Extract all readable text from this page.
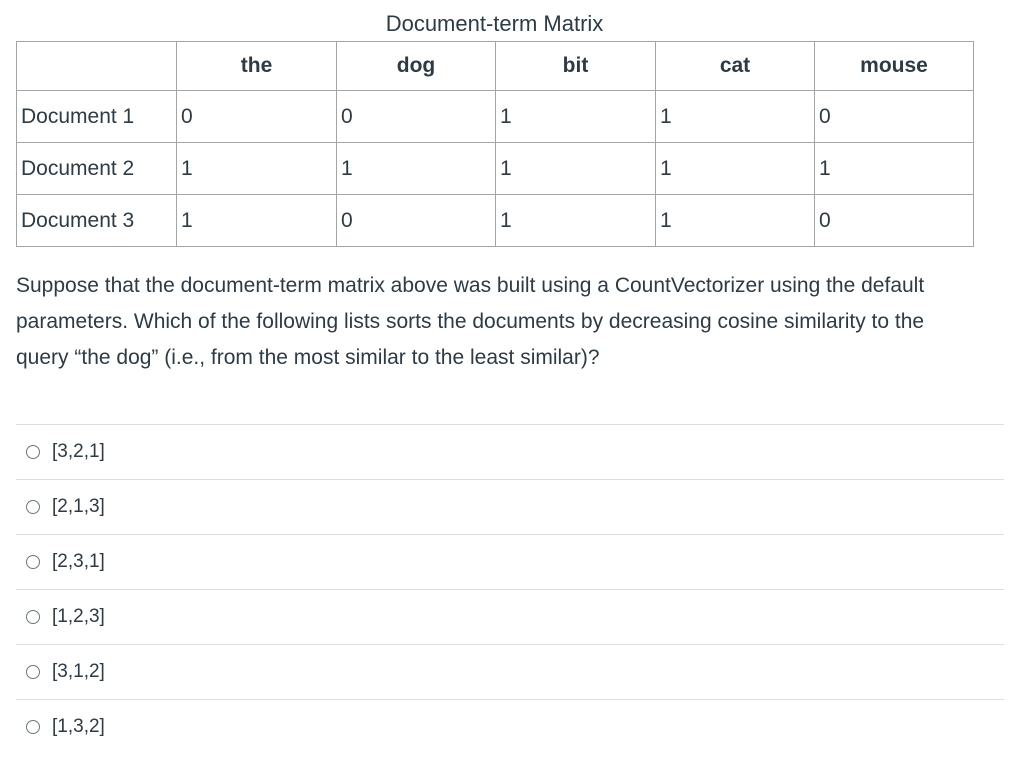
Document-term Matrix
	the	dog	bit	cat	mouse
Document 1	0	0	1	1	0
Document 2	1	1	1	1	1
Document 3	1	0	1	1	0
Suppose that the document-term matrix above was built using a CountVectorizer using the default parameters. Which of the following lists sorts the documents by decreasing cosine similarity to the query “the dog” (i.e., from the most similar to the least similar)?
[3,2,1]
[2,1,3]
[2,3,1]
[1,2,3]
[3,1,2]
[1,3,2]
